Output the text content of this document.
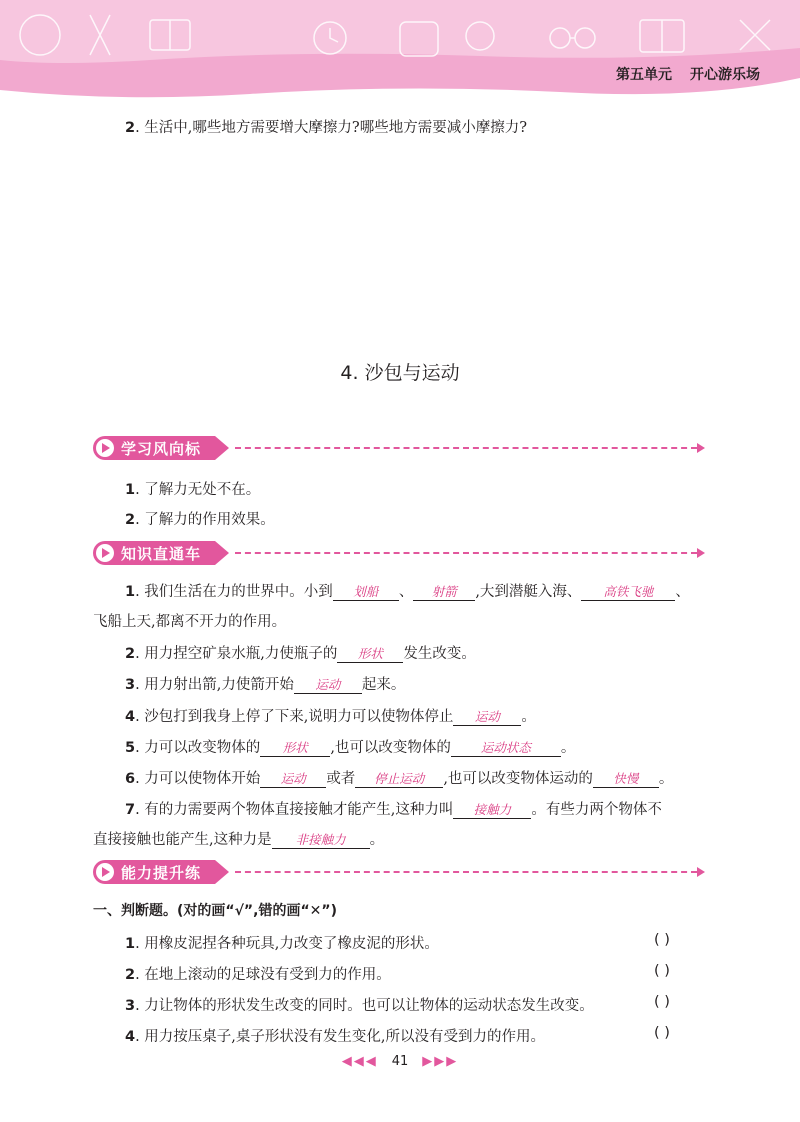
第五单元 开心游乐场
2. 生活中,哪些地方需要增大摩擦力?哪些地方需要减小摩擦力?
4. 沙包与运动
学习风向标
1. 了解力无处不在。
2. 了解力的作用效果。
知识直通车
1. 我们生活在力的世界中。小到 划船 、 射箭 ,大到潜艇入海、 高铁飞驰 、
飞船上天,都离不开力的作用。
2. 用力捏空矿泉水瓶,力使瓶子的 形状 发生改变。
3. 用力射出箭,力使箭开始 运动 起来。
4. 沙包打到我身上停了下来,说明力可以使物体停止 运动 。
5. 力可以改变物体的 形状 ,也可以改变物体的 运动状态 。
6. 力可以使物体开始 运动 或者 停止运动 ,也可以改变物体运动的 快慢 。
7. 有的力需要两个物体直接接触才能产生,这种力叫 接触力 。有些力两个物体不
直接接触也能产生,这种力是 非接触力 。
能力提升练
一、判断题。(对的画“√”,错的画“✕”)
1. 用橡皮泥捏各种玩具,力改变了橡皮泥的形状。	( )
2. 在地上滚动的足球没有受到力的作用。	( )
3. 力让物体的形状发生改变的同时。也可以让物体的运动状态发生改变。	( )
4. 用力按压桌子,桌子形状没有发生变化,所以没有受到力的作用。	( )
◀◀◀ 41 ▶▶▶
